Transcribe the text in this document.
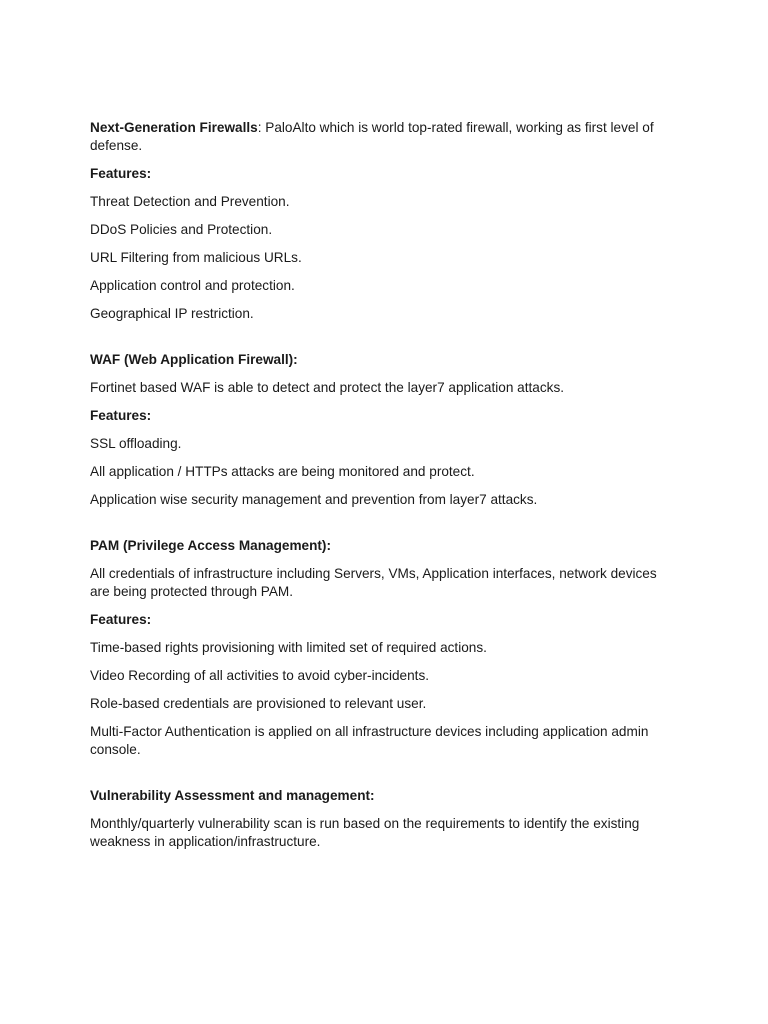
Next-Generation Firewalls: PaloAlto which is world top-rated firewall, working as first level of defense.

Features:

Threat Detection and Prevention.

DDoS Policies and Protection.

URL Filtering from malicious URLs.

Application control and protection.

Geographical IP restriction.

WAF (Web Application Firewall):

Fortinet based WAF is able to detect and protect the layer7 application attacks.

Features:

SSL offloading.

All application / HTTPs attacks are being monitored and protect.

Application wise security management and prevention from layer7 attacks.

PAM (Privilege Access Management):

All credentials of infrastructure including Servers, VMs, Application interfaces, network devices are being protected through PAM.

Features:

Time-based rights provisioning with limited set of required actions.

Video Recording of all activities to avoid cyber-incidents.

Role-based credentials are provisioned to relevant user.

Multi-Factor Authentication is applied on all infrastructure devices including application admin console.

Vulnerability Assessment and management:

Monthly/quarterly vulnerability scan is run based on the requirements to identify the existing weakness in application/infrastructure.
